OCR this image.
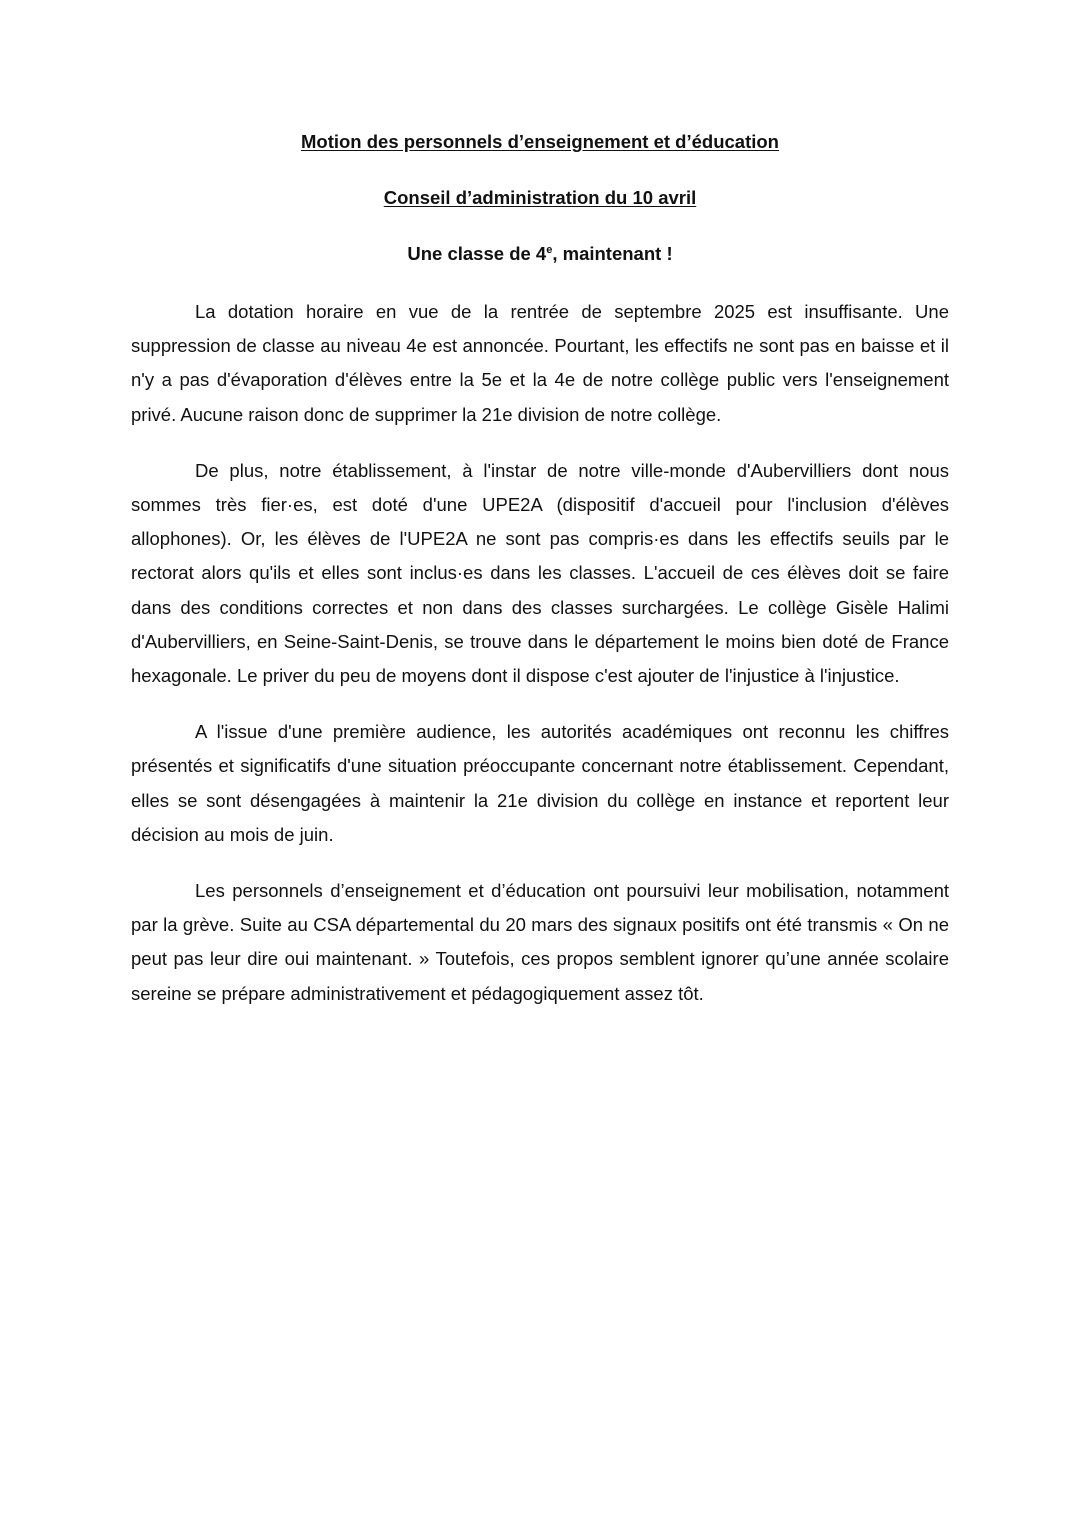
Motion des personnels d’enseignement et d’éducation

Conseil d’administration du 10 avril

Une classe de 4e, maintenant !

La dotation horaire en vue de la rentrée de septembre 2025 est insuffisante. Une suppression de classe au niveau 4e est annoncée. Pourtant, les effectifs ne sont pas en baisse et il n'y a pas d'évaporation d'élèves entre la 5e et la 4e de notre collège public vers l'enseignement privé. Aucune raison donc de supprimer la 21e division de notre collège.

De plus, notre établissement, à l'instar de notre ville-monde d'Aubervilliers dont nous sommes très fier·es, est doté d'une UPE2A (dispositif d'accueil pour l'inclusion d'élèves allophones). Or, les élèves de l'UPE2A ne sont pas compris·es dans les effectifs seuils par le rectorat alors qu'ils et elles sont inclus·es dans les classes. L'accueil de ces élèves doit se faire dans des conditions correctes et non dans des classes surchargées. Le collège Gisèle Halimi d'Aubervilliers, en Seine-Saint-Denis, se trouve dans le département le moins bien doté de France hexagonale. Le priver du peu de moyens dont il dispose c'est ajouter de l'injustice à l'injustice.

A l'issue d'une première audience, les autorités académiques ont reconnu les chiffres présentés et significatifs d'une situation préoccupante concernant notre établissement. Cependant, elles se sont désengagées à maintenir la 21e division du collège en instance et reportent leur décision au mois de juin.

Les personnels d’enseignement et d’éducation ont poursuivi leur mobilisation, notamment par la grève. Suite au CSA départemental du 20 mars des signaux positifs ont été transmis « On ne peut pas leur dire oui maintenant. » Toutefois, ces propos semblent ignorer qu’une année scolaire sereine se prépare administrativement et pédagogiquement assez tôt.
